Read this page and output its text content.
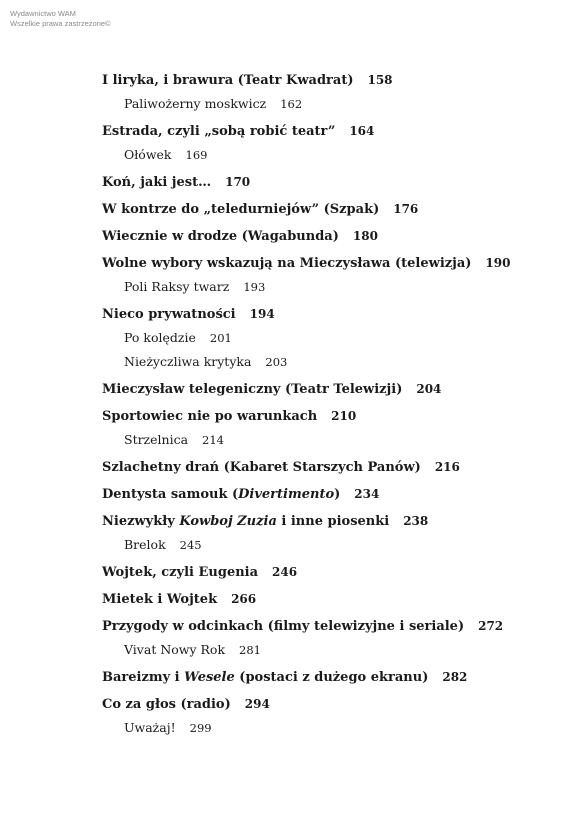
Wydawnictwo WAM
Wszelkie prawa zastrzeżone©
I liryka, i brawura (Teatr Kwadrat) 158
Paliwożerny moskwicz 162
Estrada, czyli „sobą robić teatr” 164
Ołówek 169
Koń, jaki jest… 170
W kontrze do „teledurniejów” (Szpak) 176
Wiecznie w drodze (Wagabunda) 180
Wolne wybory wskazują na Mieczysława (telewizja) 190
Poli Raksy twarz 193
Nieco prywatności 194
Po kolędzie 201
Nieżyczliwa krytyka 203
Mieczysław telegeniczny (Teatr Telewizji) 204
Sportowiec nie po warunkach 210
Strzelnica 214
Szlachetny drań (Kabaret Starszych Panów) 216
Dentysta samouk (Divertimento) 234
Niezwykły Kowboj Zuzia i inne piosenki 238
Brelok 245
Wojtek, czyli Eugenia 246
Mietek i Wojtek 266
Przygody w odcinkach (filmy telewizyjne i seriale) 272
Vivat Nowy Rok 281
Bareizmy i Wesele (postaci z dużego ekranu) 282
Co za głos (radio) 294
Uważaj! 299
